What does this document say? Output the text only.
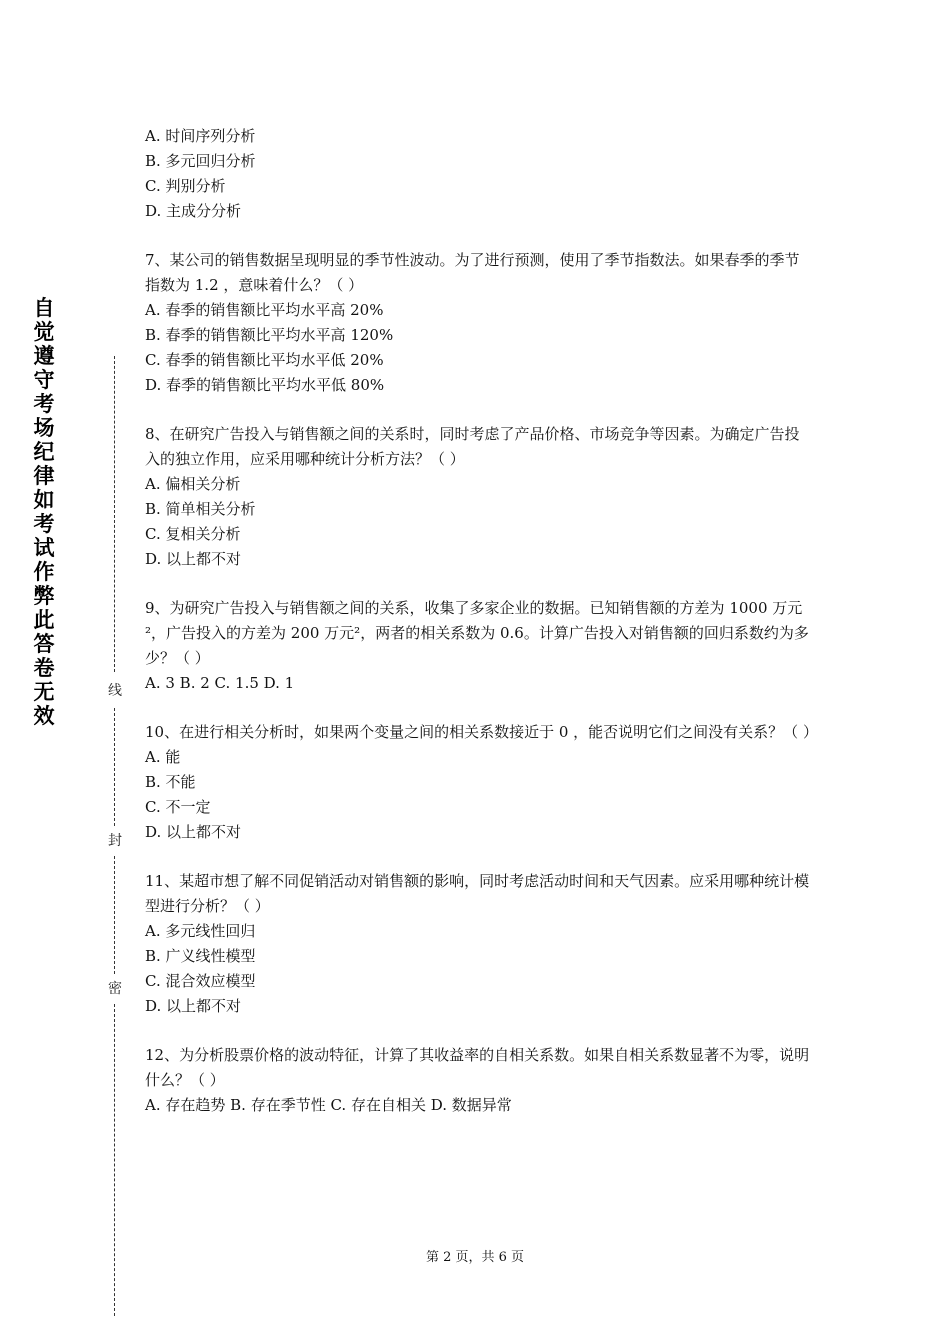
自觉遵守考场纪律如考试作弊此答卷无效
线
封
密

A. 时间序列分析

B. 多元回归分析

C. 判别分析

D. 主成分分析

7、某公司的销售数据呈现明显的季节性波动。为了进行预测，使用了季节指数法。如果春季的季节指数为 1.2 ，意味着什么？（ ）

A. 春季的销售额比平均水平高 20%

B. 春季的销售额比平均水平高 120%

C. 春季的销售额比平均水平低 20%

D. 春季的销售额比平均水平低 80%

8、在研究广告投入与销售额之间的关系时，同时考虑了产品价格、市场竞争等因素。为确定广告投入的独立作用，应采用哪种统计分析方法？（ ）

A. 偏相关分析

B. 简单相关分析

C. 复相关分析

D. 以上都不对

9、为研究广告投入与销售额之间的关系，收集了多家企业的数据。已知销售额的方差为 1000 万元²，广告投入的方差为 200 万元²，两者的相关系数为 0.6。计算广告投入对销售额的回归系数约为多少？（ ）

A. 3 B. 2 C. 1.5 D. 1

10、在进行相关分析时，如果两个变量之间的相关系数接近于 0 ，能否说明它们之间没有关系？（ ）

A. 能

B. 不能

C. 不一定

D. 以上都不对

11、某超市想了解不同促销活动对销售额的影响，同时考虑活动时间和天气因素。应采用哪种统计模型进行分析？（ ）

A. 多元线性回归

B. 广义线性模型

C. 混合效应模型

D. 以上都不对

12、为分析股票价格的波动特征，计算了其收益率的自相关系数。如果自相关系数显著不为零，说明什么？（ ）

A. 存在趋势 B. 存在季节性 C. 存在自相关 D. 数据异常

第 2 页，共 6 页
